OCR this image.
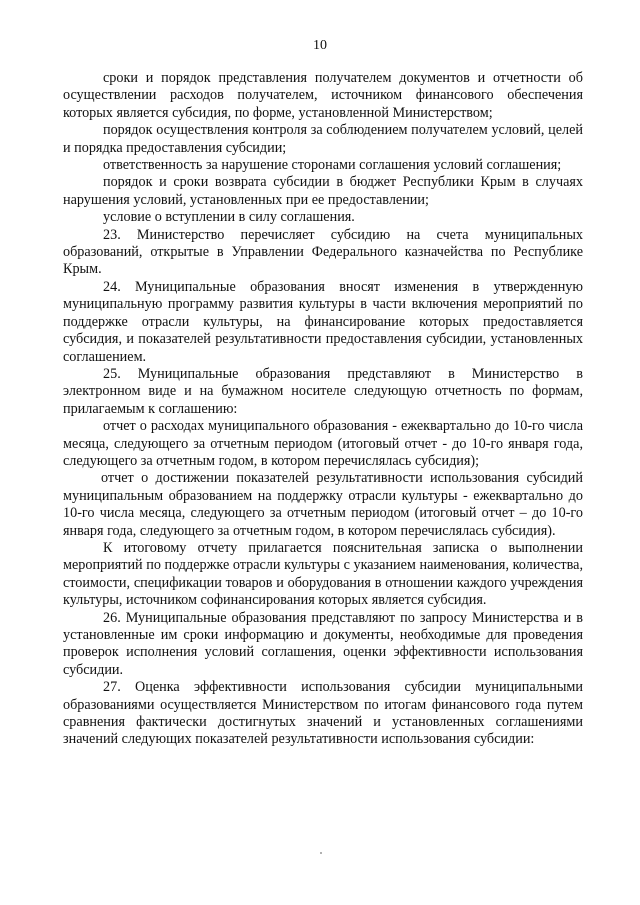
10

сроки и порядок представления получателем документов и отчетности об осуществлении расходов получателем, источником финансового обеспечения которых является субсидия, по форме, установленной Министерством;

порядок осуществления контроля за соблюдением получателем условий, целей и порядка предоставления субсидии;

ответственность за нарушение сторонами соглашения условий соглашения;

порядок и сроки возврата субсидии в бюджет Республики Крым в случаях нарушения условий, установленных при ее предоставлении;

условие о вступлении в силу соглашения.

23. Министерство перечисляет субсидию на счета муниципальных образований, открытые в Управлении Федерального казначейства по Республике Крым.

24. Муниципальные образования вносят изменения в утвержденную муниципальную программу развития культуры в части включения мероприятий по поддержке отрасли культуры, на финансирование которых предоставляется субсидия, и показателей результативности предоставления субсидии, установленных соглашением.

25. Муниципальные образования представляют в Министерство в электронном виде и на бумажном носителе следующую отчетность по формам, прилагаемым к соглашению:

отчет о расходах муниципального образования - ежеквартально до 10-го числа месяца, следующего за отчетным периодом (итоговый отчет - до 10-го января года, следующего за отчетным годом, в котором перечислялась субсидия);

отчет о достижении показателей результативности использования субсидий муниципальным образованием на поддержку отрасли культуры - ежеквартально до 10-го числа месяца, следующего за отчетным периодом (итоговый отчет – до 10-го января года, следующего за отчетным годом, в котором перечислялась субсидия).

К итоговому отчету прилагается пояснительная записка о выполнении мероприятий по поддержке отрасли культуры с указанием наименования, количества, стоимости, спецификации товаров и оборудования в отношении каждого учреждения культуры, источником софинансирования которых является субсидия.

26. Муниципальные образования представляют по запросу Министерства и в установленные им сроки информацию и документы, необходимые для проведения проверок исполнения условий соглашения, оценки эффективности использования субсидии.

27. Оценка эффективности использования субсидии муниципальными образованиями осуществляется Министерством по итогам финансового года путем сравнения фактически достигнутых значений и установленных соглашениями значений следующих показателей результативности использования субсидии:
